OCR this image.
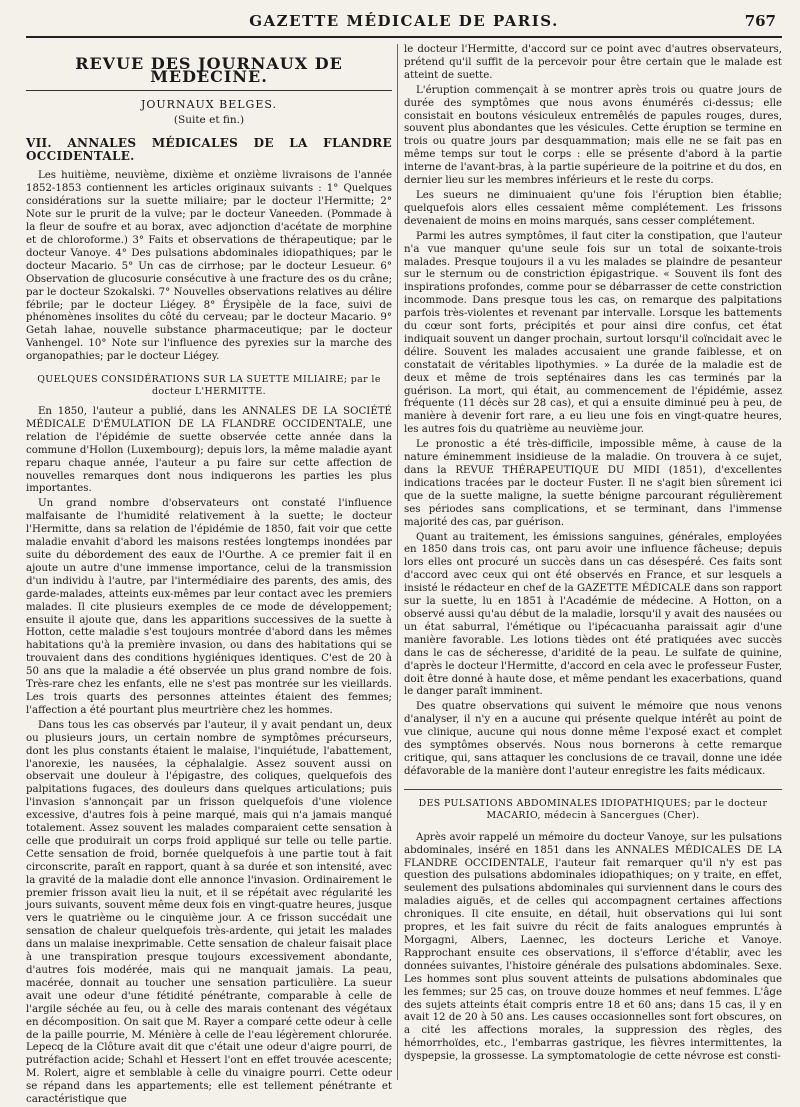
GAZETTE MÉDICALE DE PARIS.	767
REVUE DES JOURNAUX DE MÉDECINE.
JOURNAUX BELGES.
(Suite et fin.)
VII. ANNALES MÉDICALES DE LA FLANDRE OCCIDENTALE.

Les huitième, neuvième, dixième et onzième livraisons de l'année 1852-1853 contiennent les articles originaux suivants : 1° Quelques considérations sur la suette miliaire; par le docteur l'Hermitte; 2° Note sur le prurit de la vulve; par le docteur Vaneeden. (Pommade à la fleur de soufre et au borax, avec adjonction d'acétate de morphine et de chloroforme.) 3° Faits et observations de thérapeutique; par le docteur Vanoye. 4° Des pulsations abdominales idiopathiques; par le docteur Macario. 5° Un cas de cirrhose; par le docteur Lesueur. 6° Observation de glucosurie consécutive à une fracture des os du crâne; par le docteur Szokalski. 7° Nouvelles observations relatives au délire fébrile; par le docteur Liégey. 8° Érysipèle de la face, suivi de phénomènes insolites du côté du cerveau; par le docteur Macario. 9° Getah lahae, nouvelle substance pharmaceutique; par le docteur Vanhengel. 10° Note sur l'influence des pyrexies sur la marche des organopathies; par le docteur Liégey.

QUELQUES CONSIDÉRATIONS SUR LA SUETTE MILIAIRE; par le docteur L'HERMITTE.

En 1850, l'auteur a publié, dans les ANNALES DE LA SOCIÉTÉ MÉDICALE D'ÉMULATION DE LA FLANDRE OCCIDENTALE, une relation de l'épidémie de suette observée cette année dans la commune d'Hollon (Luxembourg); depuis lors, la même maladie ayant reparu chaque année, l'auteur a pu faire sur cette affection de nouvelles remarques dont nous indiquerons les parties les plus importantes.

Un grand nombre d'observateurs ont constaté l'influence malfaisante de l'humidité relativement à la suette; le docteur l'Hermitte, dans sa relation de l'épidémie de 1850, fait voir que cette maladie envahit d'abord les maisons restées longtemps inondées par suite du débordement des eaux de l'Ourthe. A ce premier fait il en ajoute un autre d'une immense importance, celui de la transmission d'un individu à l'autre, par l'intermédiaire des parents, des amis, des garde-malades, atteints eux-mêmes par leur contact avec les premiers malades. Il cite plusieurs exemples de ce mode de développement; ensuite il ajoute que, dans les apparitions successives de la suette à Hotton, cette maladie s'est toujours montrée d'abord dans les mêmes habitations qu'à la première invasion, ou dans des habitations qui se trouvaient dans des conditions hygiéniques identiques. C'est de 20 à 50 ans que la maladie a été observée un plus grand nombre de fois. Très-rare chez les enfants, elle ne s'est pas montrée sur les vieillards. Les trois quarts des personnes atteintes étaient des femmes; l'affection a été pourtant plus meurtrière chez les hommes.

Dans tous les cas observés par l'auteur, il y avait pendant un, deux ou plusieurs jours, un certain nombre de symptômes précurseurs, dont les plus constants étaient le malaise, l'inquiétude, l'abattement, l'anorexie, les nausées, la céphalalgie. Assez souvent aussi on observait une douleur à l'épigastre, des coliques, quelquefois des palpitations fugaces, des douleurs dans quelques articulations; puis l'invasion s'annonçait par un frisson quelquefois d'une violence excessive, d'autres fois à peine marqué, mais qui n'a jamais manqué totalement. Assez souvent les malades comparaient cette sensation à celle que produirait un corps froid appliqué sur telle ou telle partie. Cette sensation de froid, bornée quelquefois à une partie tout à fait circonscrite, paraît en rapport, quant à sa durée et son intensité, avec la gravité de la maladie dont elle annonce l'invasion. Ordinairement le premier frisson avait lieu la nuit, et il se répétait avec régularité les jours suivants, souvent même deux fois en vingt-quatre heures, jusque vers le quatrième ou le cinquième jour. A ce frisson succédait une sensation de chaleur quelquefois très-ardente, qui jetait les malades dans un malaise inexprimable. Cette sensation de chaleur faisait place à une transpiration presque toujours excessivement abondante, d'autres fois modérée, mais qui ne manquait jamais. La peau, macérée, donnait au toucher une sensation particulière. La sueur avait une odeur d'une fétidité pénétrante, comparable à celle de l'argile séchée au feu, ou à celle des marais contenant des végétaux en décomposition. On sait que M. Rayer a comparé cette odeur à celle de la paille pourrie, M. Ménière à celle de l'eau légèrement chlorurée. Lepecq de la Clôture avait dit que c'était une odeur d'aigre pourri, de putréfaction acide; Schahl et Hessert l'ont en effet trouvée acescente; M. Rolert, aigre et semblable à celle du vinaigre pourri. Cette odeur se répand dans les appartements; elle est tellement pénétrante et caractéristique que

le docteur l'Hermitte, d'accord sur ce point avec d'autres observateurs, prétend qu'il suffit de la percevoir pour être certain que le malade est atteint de suette.

L'éruption commençait à se montrer après trois ou quatre jours de durée des symptômes que nous avons énumérés ci-dessus; elle consistait en boutons vésiculeux entremêlés de papules rouges, dures, souvent plus abondantes que les vésicules. Cette éruption se termine en trois ou quatre jours par desquammation; mais elle ne se fait pas en même temps sur tout le corps : elle se présente d'abord à la partie interne de l'avant-bras, à la partie supérieure de la poitrine et du dos, en dernier lieu sur les membres inférieurs et le reste du corps.

Les sueurs ne diminuaient qu'une fois l'éruption bien établie; quelquefois alors elles cessaient même complétement. Les frissons devenaient de moins en moins marqués, sans cesser complétement.

Parmi les autres symptômes, il faut citer la constipation, que l'auteur n'a vue manquer qu'une seule fois sur un total de soixante-trois malades. Presque toujours il a vu les malades se plaindre de pesanteur sur le sternum ou de constriction épigastrique. « Souvent ils font des inspirations profondes, comme pour se débarrasser de cette constriction incommode. Dans presque tous les cas, on remarque des palpitations parfois très-violentes et revenant par intervalle. Lorsque les battements du cœur sont forts, précipités et pour ainsi dire confus, cet état indiquait souvent un danger prochain, surtout lorsqu'il coïncidait avec le délire. Souvent les malades accusaient une grande faiblesse, et on constatait de véritables lipothymies. » La durée de la maladie est de deux et même de trois septénaires dans les cas terminés par la guérison. La mort, qui était, au commencement de l'épidémie, assez fréquente (11 décès sur 28 cas), et qui a ensuite diminué peu à peu, de manière à devenir fort rare, a eu lieu une fois en vingt-quatre heures, les autres fois du quatrième au neuvième jour.

Le pronostic a été très-difficile, impossible même, à cause de la nature éminemment insidieuse de la maladie. On trouvera à ce sujet, dans la REVUE THÉRAPEUTIQUE DU MIDI (1851), d'excellentes indications tracées par le docteur Fuster. Il ne s'agit bien sûrement ici que de la suette maligne, la suette bénigne parcourant régulièrement ses périodes sans complications, et se terminant, dans l'immense majorité des cas, par guérison.

Quant au traitement, les émissions sanguines, générales, employées en 1850 dans trois cas, ont paru avoir une influence fâcheuse; depuis lors elles ont procuré un succès dans un cas désespéré. Ces faits sont d'accord avec ceux qui ont été observés en France, et sur lesquels a insisté le rédacteur en chef de la GAZETTE MÉDICALE dans son rapport sur la suette, lu en 1851 à l'Académie de médecine. A Hotton, on a observé aussi qu'au début de la maladie, lorsqu'il y avait des nausées ou un état saburral, l'émétique ou l'ipécacuanha paraissait agir d'une manière favorable. Les lotions tièdes ont été pratiquées avec succès dans le cas de sécheresse, d'aridité de la peau. Le sulfate de quinine, d'après le docteur l'Hermitte, d'accord en cela avec le professeur Fuster, doit être donné à haute dose, et même pendant les exacerbations, quand le danger paraît imminent.

Des quatre observations qui suivent le mémoire que nous venons d'analyser, il n'y en a aucune qui présente quelque intérêt au point de vue clinique, aucune qui nous donne même l'exposé exact et complet des symptômes observés. Nous nous bornerons à cette remarque critique, qui, sans attaquer les conclusions de ce travail, donne une idée défavorable de la manière dont l'auteur enregistre les faits médicaux.

DES PULSATIONS ABDOMINALES IDIOPATHIQUES; par le docteur MACARIO, médecin à Sancergues (Cher).

Après avoir rappelé un mémoire du docteur Vanoye, sur les pulsations abdominales, inséré en 1851 dans les ANNALES MÉDICALES DE LA FLANDRE OCCIDENTALE, l'auteur fait remarquer qu'il n'y est pas question des pulsations abdominales idiopathiques; on y traite, en effet, seulement des pulsations abdominales qui surviennent dans le cours des maladies aiguës, et de celles qui accompagnent certaines affections chroniques. Il cite ensuite, en détail, huit observations qui lui sont propres, et les fait suivre du récit de faits analogues empruntés à Morgagni, Albers, Laennec, les docteurs Leriche et Vanoye. Rapprochant ensuite ces observations, il s'efforce d'établir, avec les données suivantes, l'histoire générale des pulsations abdominales. Sexe. Les hommes sont plus souvent atteints de pulsations abdominales que les femmes; sur 25 cas, on trouve douze hommes et neuf femmes. L'âge des sujets atteints était compris entre 18 et 60 ans; dans 15 cas, il y en avait 12 de 20 à 50 ans. Les causes occasionnelles sont fort obscures, on a cité les affections morales, la suppression des règles, des hémorrhoïdes, etc., l'embarras gastrique, les fièvres intermittentes, la dyspepsie, la grossesse. La symptomatologie de cette névrose est consti-
